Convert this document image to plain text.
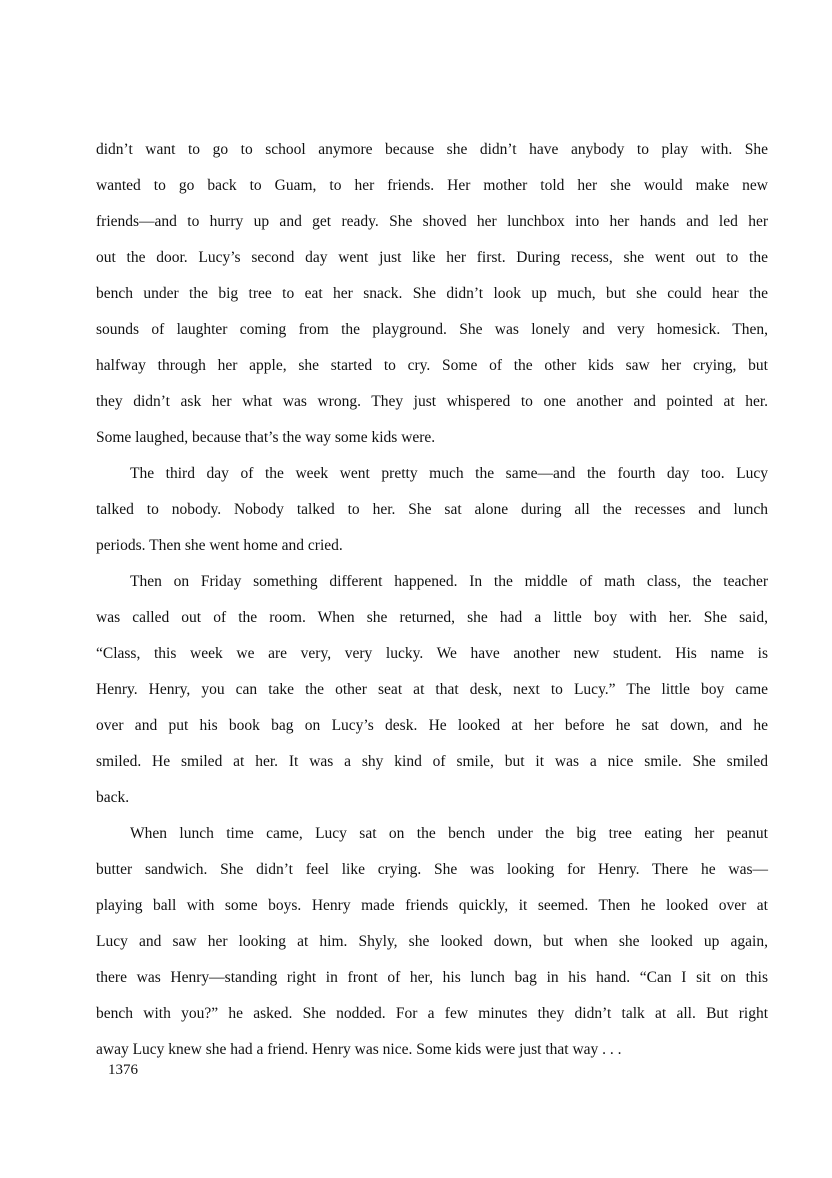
didn’t want to go to school anymore because she didn’t have anybody to play with. She
wanted to go back to Guam, to her friends. Her mother told her she would make new
friends—and to hurry up and get ready. She shoved her lunchbox into her hands and led her
out the door. Lucy’s second day went just like her first. During recess, she went out to the
bench under the big tree to eat her snack. She didn’t look up much, but she could hear the
sounds of laughter coming from the playground. She was lonely and very homesick. Then,
halfway through her apple, she started to cry. Some of the other kids saw her crying, but
they didn’t ask her what was wrong. They just whispered to one another and pointed at her.
Some laughed, because that’s the way some kids were.
The third day of the week went pretty much the same—and the fourth day too. Lucy
talked to nobody. Nobody talked to her. She sat alone during all the recesses and lunch
periods. Then she went home and cried.
Then on Friday something different happened. In the middle of math class, the teacher
was called out of the room. When she returned, she had a little boy with her. She said,
“Class, this week we are very, very lucky. We have another new student. His name is
Henry. Henry, you can take the other seat at that desk, next to Lucy.” The little boy came
over and put his book bag on Lucy’s desk. He looked at her before he sat down, and he
smiled. He smiled at her. It was a shy kind of smile, but it was a nice smile. She smiled
back.
When lunch time came, Lucy sat on the bench under the big tree eating her peanut
butter sandwich. She didn’t feel like crying. She was looking for Henry. There he was—
playing ball with some boys. Henry made friends quickly, it seemed. Then he looked over at
Lucy and saw her looking at him. Shyly, she looked down, but when she looked up again,
there was Henry—standing right in front of her, his lunch bag in his hand. “Can I sit on this
bench with you?” he asked. She nodded. For a few minutes they didn’t talk at all. But right
away Lucy knew she had a friend. Henry was nice. Some kids were just that way . . .
1376
